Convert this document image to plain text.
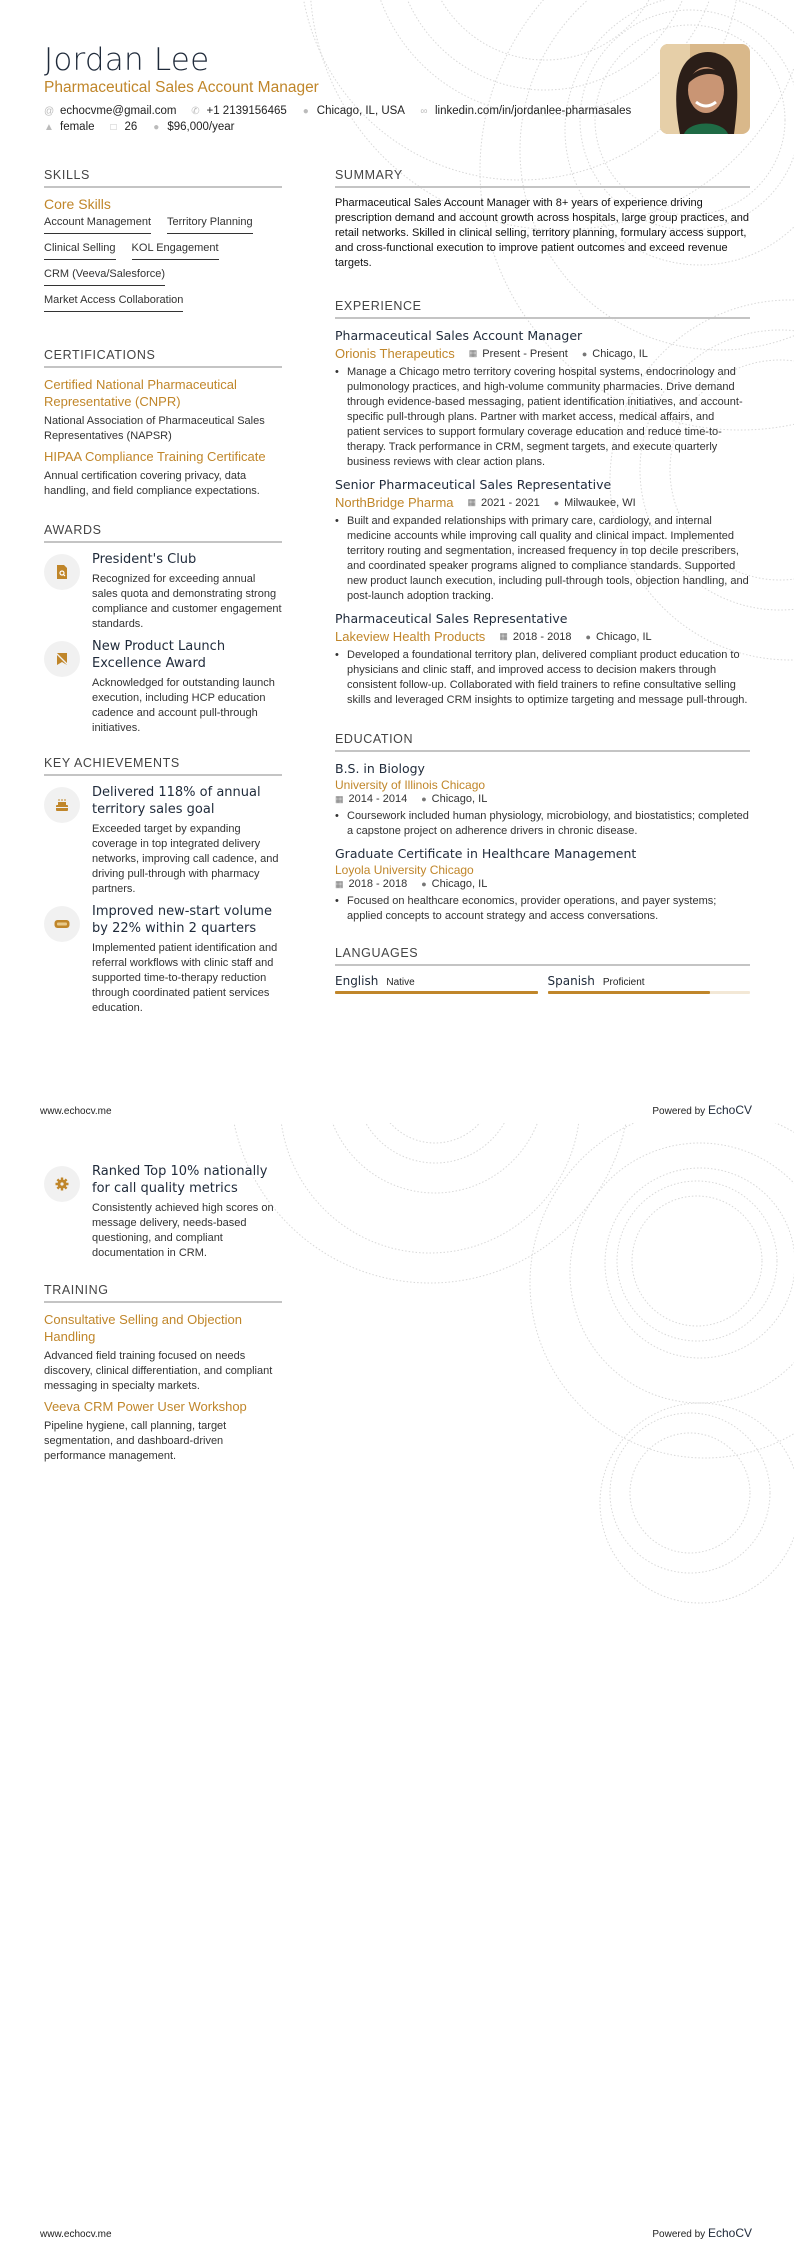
Jordan Lee
Pharmaceutical Sales Account Manager
@ echocvme@gmail.com ✆ +1 2139156465 ● Chicago, IL, USA ∞ linkedin.com/in/jordanlee-pharmasales
▲ female □ 26 ● $96,000/year
SKILLS
Core Skills
Account Management Territory Planning
Clinical Selling KOL Engagement
CRM (Veeva/Salesforce)
Market Access Collaboration
CERTIFICATIONS
Certified National Pharmaceutical Representative (CNPR)
National Association of Pharmaceutical Sales Representatives (NAPSR)
HIPAA Compliance Training Certificate
Annual certification covering privacy, data handling, and field compliance expectations.
AWARDS
President's Club
Recognized for exceeding annual sales quota and demonstrating strong compliance and customer engagement standards.
New Product Launch Excellence Award
Acknowledged for outstanding launch execution, including HCP education cadence and account pull-through initiatives.
KEY ACHIEVEMENTS
Delivered 118% of annual territory sales goal
Exceeded target by expanding coverage in top integrated delivery networks, improving call cadence, and driving pull-through with pharmacy partners.
Improved new-start volume by 22% within 2 quarters
Implemented patient identification and referral workflows with clinic staff and supported time-to-therapy reduction through coordinated patient services education.
SUMMARY
Pharmaceutical Sales Account Manager with 8+ years of experience driving prescription demand and account growth across hospitals, large group practices, and retail networks. Skilled in clinical selling, territory planning, formulary access support, and cross-functional execution to improve patient outcomes and exceed revenue targets.
EXPERIENCE
Pharmaceutical Sales Account Manager
Orionis Therapeutics ▦ Present - Present ● Chicago, IL
• Manage a Chicago metro territory covering hospital systems, endocrinology and pulmonology practices, and high-volume community pharmacies. Drive demand through evidence-based messaging, patient identification initiatives, and account-specific pull-through plans. Partner with market access, medical affairs, and patient services to support formulary coverage education and reduce time-to-therapy. Track performance in CRM, segment targets, and execute quarterly business reviews with clear action plans.
Senior Pharmaceutical Sales Representative
NorthBridge Pharma ▦ 2021 - 2021 ● Milwaukee, WI
• Built and expanded relationships with primary care, cardiology, and internal medicine accounts while improving call quality and clinical impact. Implemented territory routing and segmentation, increased frequency in top decile prescribers, and coordinated speaker programs aligned to compliance standards. Supported new product launch execution, including pull-through tools, objection handling, and post-launch adoption tracking.
Pharmaceutical Sales Representative
Lakeview Health Products ▦ 2018 - 2018 ● Chicago, IL
• Developed a foundational territory plan, delivered compliant product education to physicians and clinic staff, and improved access to decision makers through consistent follow-up. Collaborated with field trainers to refine consultative selling skills and leveraged CRM insights to optimize targeting and message pull-through.
EDUCATION
B.S. in Biology
University of Illinois Chicago
▦ 2014 - 2014 ● Chicago, IL
• Coursework included human physiology, microbiology, and biostatistics; completed a capstone project on adherence drivers in chronic disease.
Graduate Certificate in Healthcare Management
Loyola University Chicago
▦ 2018 - 2018 ● Chicago, IL
• Focused on healthcare economics, provider operations, and payer systems; applied concepts to account strategy and access conversations.
LANGUAGES
English Native	Spanish Proficient
www.echocv.me	Powered by EchoCV
Ranked Top 10% nationally for call quality metrics
Consistently achieved high scores on message delivery, needs-based questioning, and compliant documentation in CRM.
TRAINING
Consultative Selling and Objection Handling
Advanced field training focused on needs discovery, clinical differentiation, and compliant messaging in specialty markets.
Veeva CRM Power User Workshop
Pipeline hygiene, call planning, target segmentation, and dashboard-driven performance management.
www.echocv.me	Powered by EchoCV
